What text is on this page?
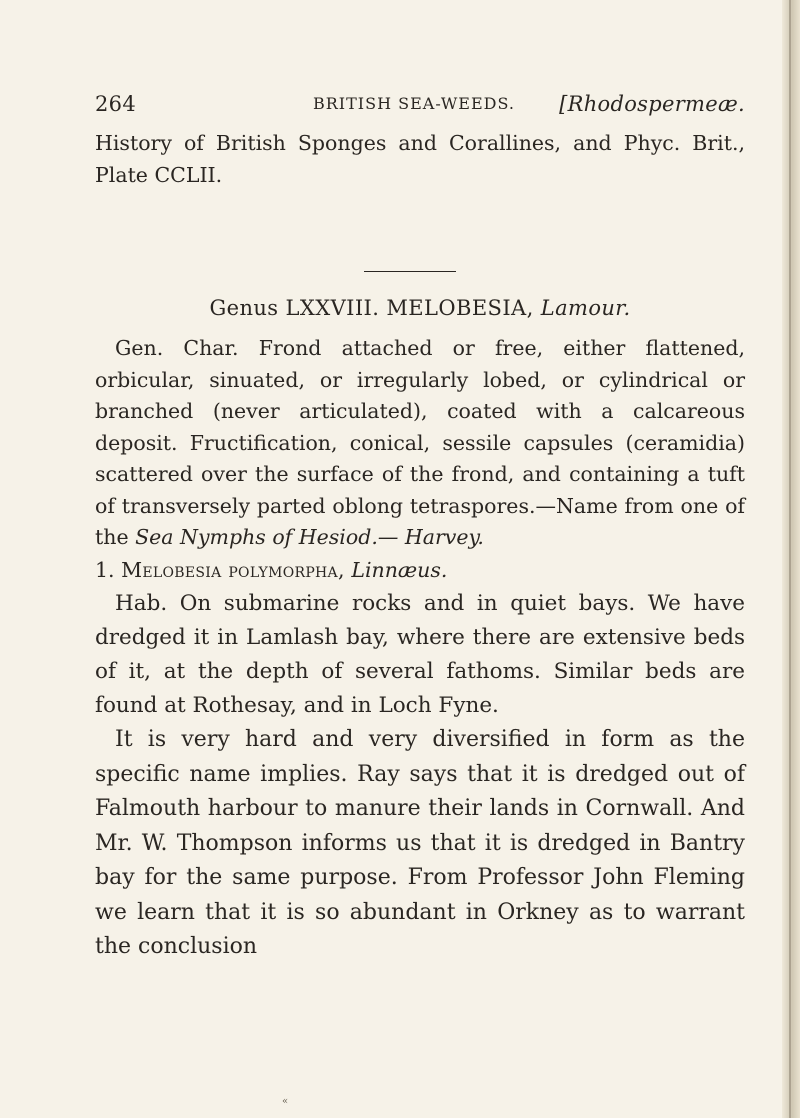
264	BRITISH SEA-WEEDS. [Rhodospermeæ.
History of British Sponges and Corallines, and Phyc. Brit., Plate CCLII.
Genus LXXVIII. MELOBESIA, Lamour.
Gen. Char. Frond attached or free, either flattened, orbicular, sinuated, or irregularly lobed, or cylindrical or branched (never articulated), coated with a calcareous deposit. Fructification, conical, sessile capsules (ceramidia) scattered over the surface of the frond, and containing a tuft of transversely parted oblong tetraspores.—Name from one of the Sea Nymphs of Hesiod.— Harvey.
1. Melobesia polymorpha, Linnæus.
Hab. On submarine rocks and in quiet bays. We have dredged it in Lamlash bay, where there are extensive beds of it, at the depth of several fathoms. Similar beds are found at Rothesay, and in Loch Fyne.
It is very hard and very diversified in form as the specific name implies. Ray says that it is dredged out of Falmouth harbour to manure their lands in Cornwall. And Mr. W. Thompson informs us that it is dredged in Bantry bay for the same purpose. From Professor John Fleming we learn that it is so abundant in Orkney as to warrant the conclusion
«
